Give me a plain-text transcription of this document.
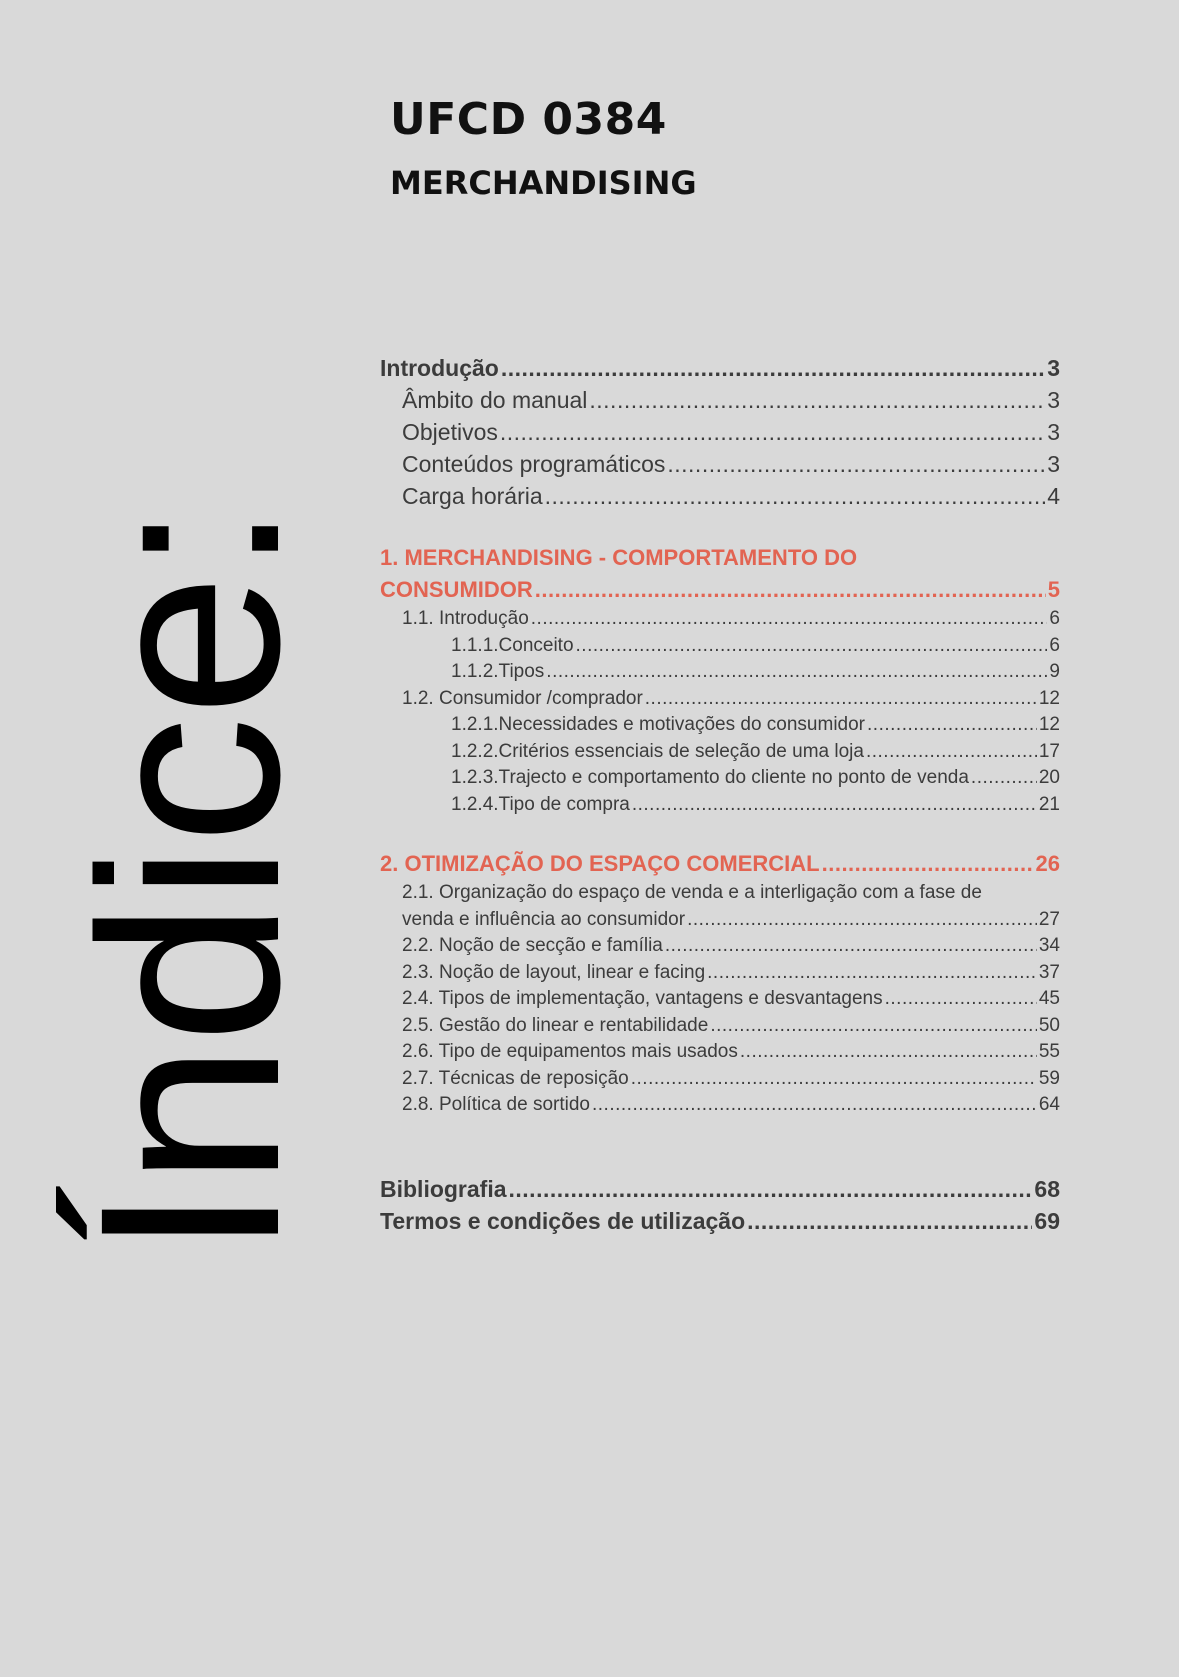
UFCD 0384
MERCHANDISING
Índice:
Introdução .....	3
Âmbito do manual .....	3
Objetivos .....	3
Conteúdos programáticos .....	3
Carga horária .....	4
1. MERCHANDISING - COMPORTAMENTO DO
CONSUMIDOR .....	5
1.1. Introdução .....	6
1.1.1.Conceito .....	6
1.1.2.Tipos .....	9
1.2. Consumidor /comprador .....	12
1.2.1.Necessidades e motivações do consumidor .....	12
1.2.2.Critérios essenciais de seleção de uma loja .....	17
1.2.3.Trajecto e comportamento do cliente no ponto de venda .....	20
1.2.4.Tipo de compra .....	21
2. OTIMIZAÇÃO DO ESPAÇO COMERCIAL .....	26
2.1. Organização do espaço de venda e a interligação com a fase de
venda e influência ao consumidor .....	27
2.2. Noção de secção e família .....	34
2.3. Noção de layout, linear e facing .....	37
2.4. Tipos de implementação, vantagens e desvantagens .....	45
2.5. Gestão do linear e rentabilidade .....	50
2.6. Tipo de equipamentos mais usados .....	55
2.7. Técnicas de reposição .....	59
2.8. Política de sortido .....	64
Bibliografia .....	68
Termos e condições de utilização .....	69
